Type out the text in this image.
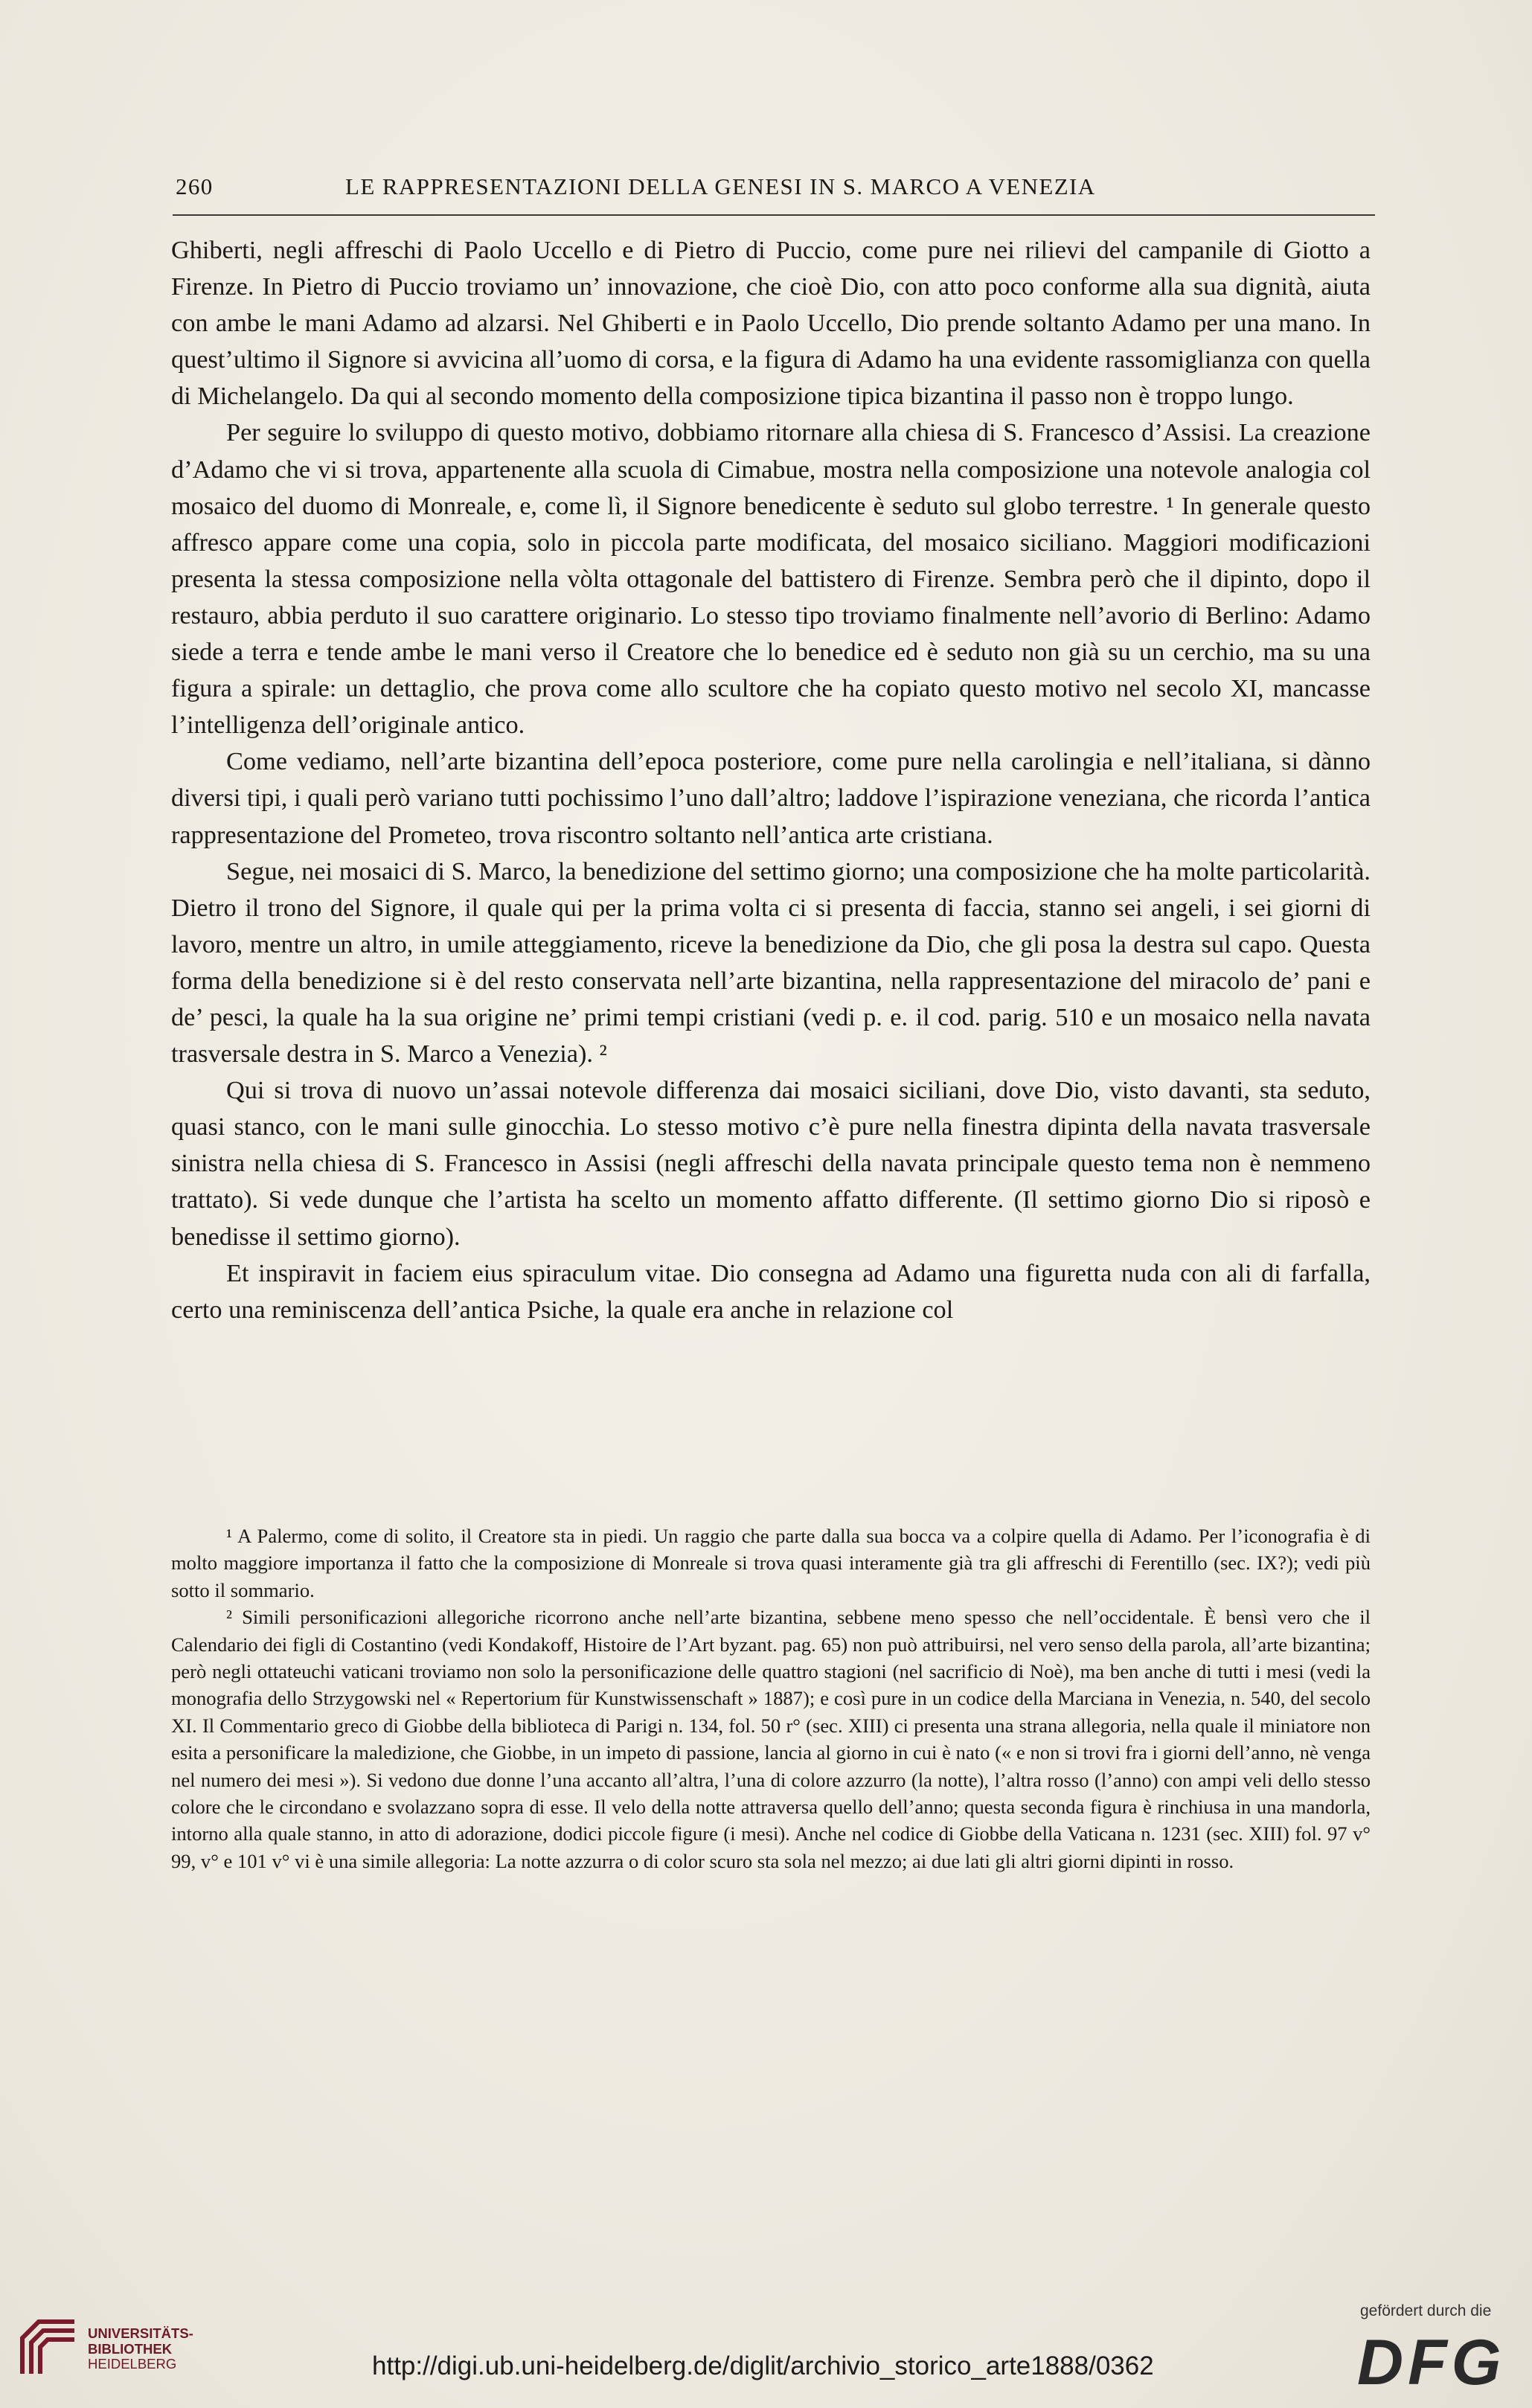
260	LE RAPPRESENTAZIONI DELLA GENESI IN S. MARCO A VENEZIA

Ghiberti, negli affreschi di Paolo Uccello e di Pietro di Puccio, come pure nei rilievi del campanile di Giotto a Firenze. In Pietro di Puccio troviamo un’ innovazione, che cioè Dio, con atto poco conforme alla sua dignità, aiuta con ambe le mani Adamo ad alzarsi. Nel Ghiberti e in Paolo Uccello, Dio prende soltanto Adamo per una mano. In quest’ultimo il Signore si avvicina all’uomo di corsa, e la figura di Adamo ha una evidente rassomiglianza con quella di Michelangelo. Da qui al secondo momento della composizione tipica bizantina il passo non è troppo lungo.

Per seguire lo sviluppo di questo motivo, dobbiamo ritornare alla chiesa di S. Francesco d’Assisi. La creazione d’Adamo che vi si trova, appartenente alla scuola di Cimabue, mostra nella composizione una notevole analogia col mosaico del duomo di Monreale, e, come lì, il Signore benedicente è seduto sul globo terrestre. ¹ In generale questo affresco appare come una copia, solo in piccola parte modificata, del mosaico siciliano. Maggiori modificazioni presenta la stessa composizione nella vòlta ottagonale del battistero di Firenze. Sembra però che il dipinto, dopo il restauro, abbia perduto il suo carattere originario. Lo stesso tipo troviamo finalmente nell’avorio di Berlino: Adamo siede a terra e tende ambe le mani verso il Creatore che lo benedice ed è seduto non già su un cerchio, ma su una figura a spirale: un dettaglio, che prova come allo scultore che ha copiato questo motivo nel secolo XI, mancasse l’intelligenza dell’originale antico.

Come vediamo, nell’arte bizantina dell’epoca posteriore, come pure nella carolingia e nell’italiana, si dànno diversi tipi, i quali però variano tutti pochissimo l’uno dall’altro; laddove l’ispirazione veneziana, che ricorda l’antica rappresentazione del Prometeo, trova riscontro soltanto nell’antica arte cristiana.

Segue, nei mosaici di S. Marco, la benedizione del settimo giorno; una composizione che ha molte particolarità. Dietro il trono del Signore, il quale qui per la prima volta ci si presenta di faccia, stanno sei angeli, i sei giorni di lavoro, mentre un altro, in umile atteggiamento, riceve la benedizione da Dio, che gli posa la destra sul capo. Questa forma della benedizione si è del resto conservata nell’arte bizantina, nella rappresentazione del miracolo de’ pani e de’ pesci, la quale ha la sua origine ne’ primi tempi cristiani (vedi p. e. il cod. parig. 510 e un mosaico nella navata trasversale destra in S. Marco a Venezia). ²

Qui si trova di nuovo un’assai notevole differenza dai mosaici siciliani, dove Dio, visto davanti, sta seduto, quasi stanco, con le mani sulle ginocchia. Lo stesso motivo c’è pure nella finestra dipinta della navata trasversale sinistra nella chiesa di S. Francesco in Assisi (negli affreschi della navata principale questo tema non è nemmeno trattato). Si vede dunque che l’artista ha scelto un momento affatto differente. (Il settimo giorno Dio si riposò e benedisse il settimo giorno).

Et inspiravit in faciem eius spiraculum vitae. Dio consegna ad Adamo una figuretta nuda con ali di farfalla, certo una reminiscenza dell’antica Psiche, la quale era anche in relazione col

¹ A Palermo, come di solito, il Creatore sta in piedi. Un raggio che parte dalla sua bocca va a colpire quella di Adamo. Per l’iconografia è di molto maggiore importanza il fatto che la composizione di Monreale si trova quasi interamente già tra gli affreschi di Ferentillo (sec. IX?); vedi più sotto il sommario.

² Simili personificazioni allegoriche ricorrono anche nell’arte bizantina, sebbene meno spesso che nell’occidentale. È bensì vero che il Calendario dei figli di Costantino (vedi Kondakoff, Histoire de l’Art byzant. pag. 65) non può attribuirsi, nel vero senso della parola, all’arte bizantina; però negli ottateuchi vaticani troviamo non solo la personificazione delle quattro stagioni (nel sacrificio di Noè), ma ben anche di tutti i mesi (vedi la monografia dello Strzygowski nel « Repertorium für Kunstwissenschaft » 1887); e così pure in un codice della Marciana in Venezia, n. 540, del secolo XI. Il Commentario greco di Giobbe della biblioteca di Parigi n. 134, fol. 50 r° (sec. XIII) ci presenta una strana allegoria, nella quale il miniatore non esita a personificare la maledizione, che Giobbe, in un impeto di passione, lancia al giorno in cui è nato (« e non si trovi fra i giorni dell’anno, nè venga nel numero dei mesi »). Si vedono due donne l’una accanto all’altra, l’una di colore azzurro (la notte), l’altra rosso (l’anno) con ampi veli dello stesso colore che le circondano e svolazzano sopra di esse. Il velo della notte attraversa quello dell’anno; questa seconda figura è rinchiusa in una mandorla, intorno alla quale stanno, in atto di adorazione, dodici piccole figure (i mesi). Anche nel codice di Giobbe della Vaticana n. 1231 (sec. XIII) fol. 97 v° 99, v° e 101 v° vi è una simile allegoria: La notte azzurra o di color scuro sta sola nel mezzo; ai due lati gli altri giorni dipinti in rosso.

UNIVERSITÄTS-
BIBLIOTHEK
HEIDELBERG	http://digi.ub.uni-heidelberg.de/diglit/archivio_storico_arte1888/0362
gefördert durch die
DFG
